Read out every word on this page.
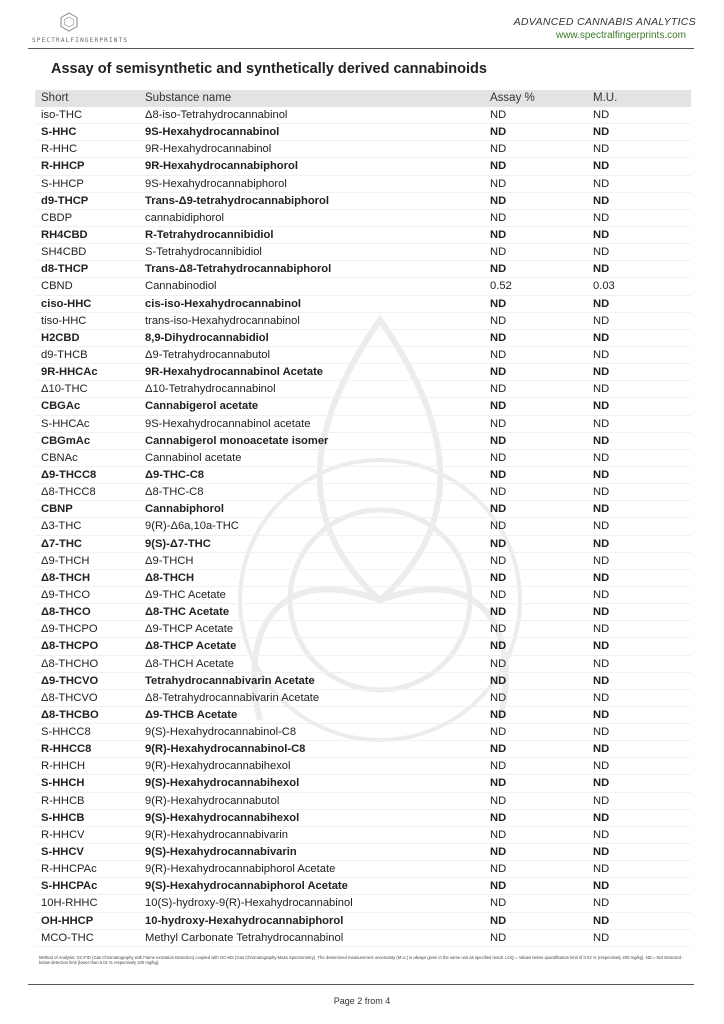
SPECTRALFINGERPRINTS
ADVANCED CANNABIS ANALYTICS
www.spectralfingerprints.com
Assay of semisynthetic and synthetically derived cannabinoids
Short	Substance name	Assay %	M.U.
iso-THC	Δ8-iso-Tetrahydrocannabinol	ND	ND
S-HHC	9S-Hexahydrocannabinol	ND	ND
R-HHC	9R-Hexahydrocannabinol	ND	ND
R-HHCP	9R-Hexahydrocannabiphorol	ND	ND
S-HHCP	9S-Hexahydrocannabiphorol	ND	ND
d9-THCP	Trans-Δ9-tetrahydrocannabiphorol	ND	ND
CBDP	cannabidiphorol	ND	ND
RH4CBD	R-Tetrahydrocannibidiol	ND	ND
SH4CBD	S-Tetrahydrocannibidiol	ND	ND
d8-THCP	Trans-Δ8-Tetrahydrocannabiphorol	ND	ND
CBND	Cannabinodiol	0.52	0.03
ciso-HHC	cis-iso-Hexahydrocannabinol	ND	ND
tiso-HHC	trans-iso-Hexahydrocannabinol	ND	ND
H2CBD	8,9-Dihydrocannabidiol	ND	ND
d9-THCB	Δ9-Tetrahydrocannabutol	ND	ND
9R-HHCAc	9R-Hexahydrocannabinol Acetate	ND	ND
Δ10-THC	Δ10-Tetrahydrocannabinol	ND	ND
CBGAc	Cannabigerol acetate	ND	ND
S-HHCAc	9S-Hexahydrocannabinol acetate	ND	ND
CBGmAc	Cannabigerol monoacetate isomer	ND	ND
CBNAc	Cannabinol acetate	ND	ND
Δ9-THCC8	Δ9-THC-C8	ND	ND
Δ8-THCC8	Δ8-THC-C8	ND	ND
CBNP	Cannabiphorol	ND	ND
Δ3-THC	9(R)-Δ6a,10a-THC	ND	ND
Δ7-THC	9(S)-Δ7-THC	ND	ND
Δ9-THCH	Δ9-THCH	ND	ND
Δ8-THCH	Δ8-THCH	ND	ND
Δ9-THCO	Δ9-THC Acetate	ND	ND
Δ8-THCO	Δ8-THC Acetate	ND	ND
Δ9-THCPO	Δ9-THCP Acetate	ND	ND
Δ8-THCPO	Δ8-THCP Acetate	ND	ND
Δ8-THCHO	Δ8-THCH Acetate	ND	ND
Δ9-THCVO	Tetrahydrocannabivarin Acetate	ND	ND
Δ8-THCVO	Δ8-Tetrahydrocannabivarin Acetate	ND	ND
Δ8-THCBO	Δ9-THCB Acetate	ND	ND
S-HHCC8	9(S)-Hexahydrocannabinol-C8	ND	ND
R-HHCC8	9(R)-Hexahydrocannabinol-C8	ND	ND
R-HHCH	9(R)-Hexahydrocannabihexol	ND	ND
S-HHCH	9(S)-Hexahydrocannabihexol	ND	ND
R-HHCB	9(R)-Hexahydrocannabutol	ND	ND
S-HHCB	9(S)-Hexahydrocannabihexol	ND	ND
R-HHCV	9(R)-Hexahydrocannabivarin	ND	ND
S-HHCV	9(S)-Hexahydrocannabivarin	ND	ND
R-HHCPAc	9(R)-Hexahydrocannabiphorol Acetate	ND	ND
S-HHCPAc	9(S)-Hexahydrocannabiphorol Acetate	ND	ND
10H-RHHC	10(S)-hydroxy-9(R)-Hexahydrocannabinol	ND	ND
OH-HHCP	10-hydroxy-Hexahydrocannabiphorol	ND	ND
MCO-THC	Methyl Carbonate Tetrahydrocannabinol	ND	ND
Method of Analysis: GC-FID (Gas Chromatography with Flame Ionization Detection) coupled with GC-MS (Gas Chromatography-Mass Spectrometry). The determined measurement uncertainty (M.U.) is always given in the same unit as specified result. LOQ = Values below quantification limit of 0.02 % (respectively 200 mg/kg). ND = Not Detected - below detection limit (lower than 0.01 % respectively 100 mg/kg).
Page 2 from 4
